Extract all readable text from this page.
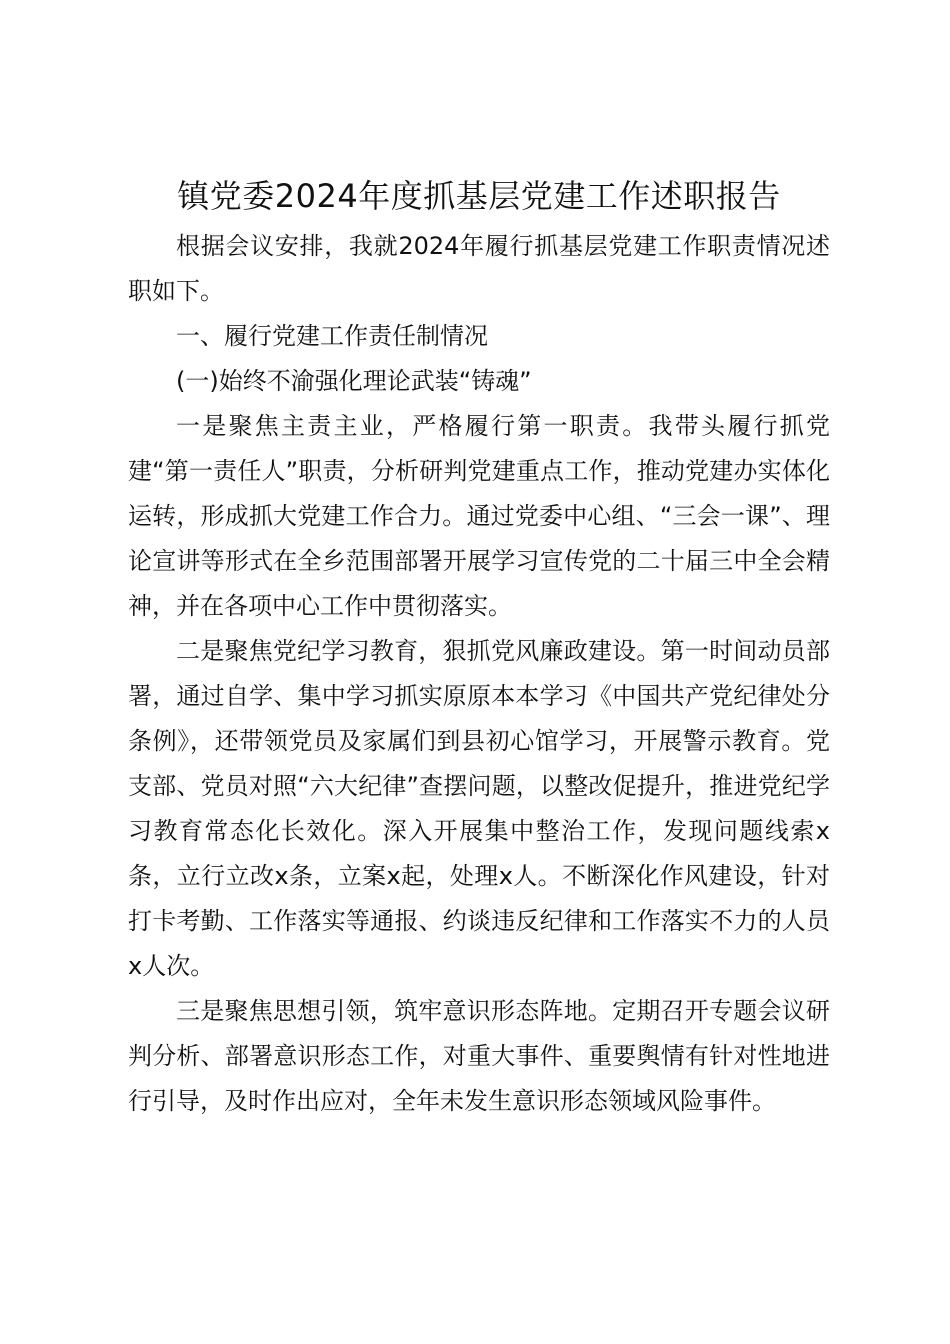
镇党委2024年度抓基层党建工作述职报告

根据会议安排，我就2024年履行抓基层党建工作职责情况述职如下。

一、履行党建工作责任制情况

(一)始终不渝强化理论武装“铸魂”

一是聚焦主责主业，严格履行第一职责。我带头履行抓党建“第一责任人”职责，分析研判党建重点工作，推动党建办实体化运转，形成抓大党建工作合力。通过党委中心组、“三会一课”、理论宣讲等形式在全乡范围部署开展学习宣传党的二十届三中全会精神，并在各项中心工作中贯彻落实。

二是聚焦党纪学习教育，狠抓党风廉政建设。第一时间动员部署，通过自学、集中学习抓实原原本本学习《中国共产党纪律处分条例》，还带领党员及家属们到县初心馆学习，开展警示教育。党支部、党员对照“六大纪律”查摆问题，以整改促提升，推进党纪学习教育常态化长效化。深入开展集中整治工作，发现问题线索x条，立行立改x条，立案x起，处理x人。不断深化作风建设，针对打卡考勤、工作落实等通报、约谈违反纪律和工作落实不力的人员x人次。

三是聚焦思想引领，筑牢意识形态阵地。定期召开专题会议研判分析、部署意识形态工作，对重大事件、重要舆情有针对性地进行引导，及时作出应对，全年未发生意识形态领域风险事件。
